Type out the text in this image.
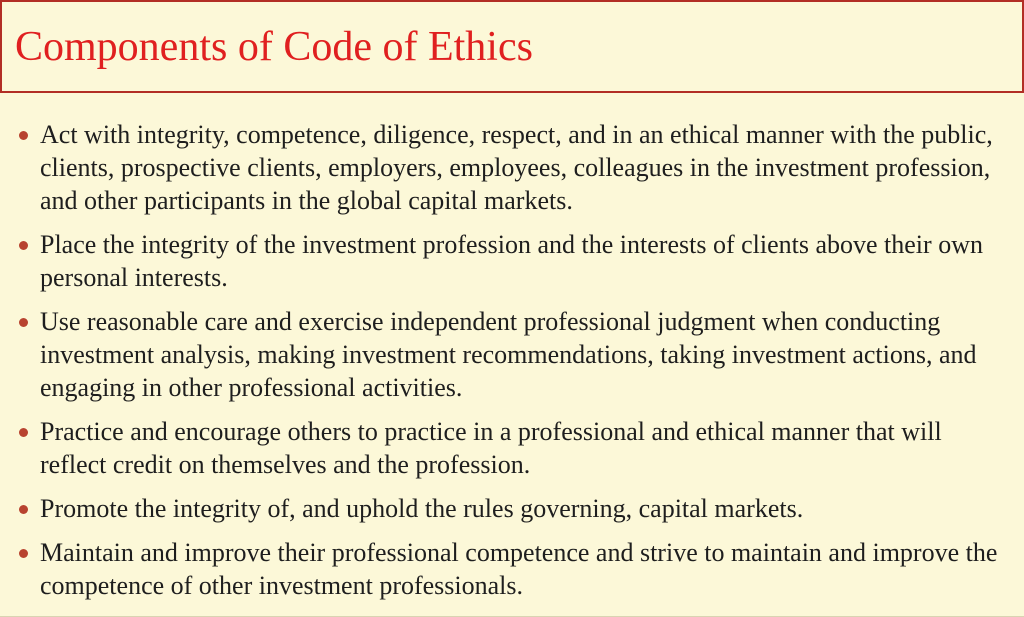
Components of Code of Ethics
Act with integrity, competence, diligence, respect, and in an ethical manner with the public, clients, prospective clients, employers, employees, colleagues in the investment profession, and other participants in the global capital markets.
Place the integrity of the investment profession and the interests of clients above their own personal interests.
Use reasonable care and exercise independent professional judgment when conducting investment analysis, making investment recommendations, taking investment actions, and engaging in other professional activities.
Practice and encourage others to practice in a professional and ethical manner that will reflect credit on themselves and the profession.
Promote the integrity of, and uphold the rules governing, capital markets.
Maintain and improve their professional competence and strive to maintain and improve the competence of other investment professionals.
